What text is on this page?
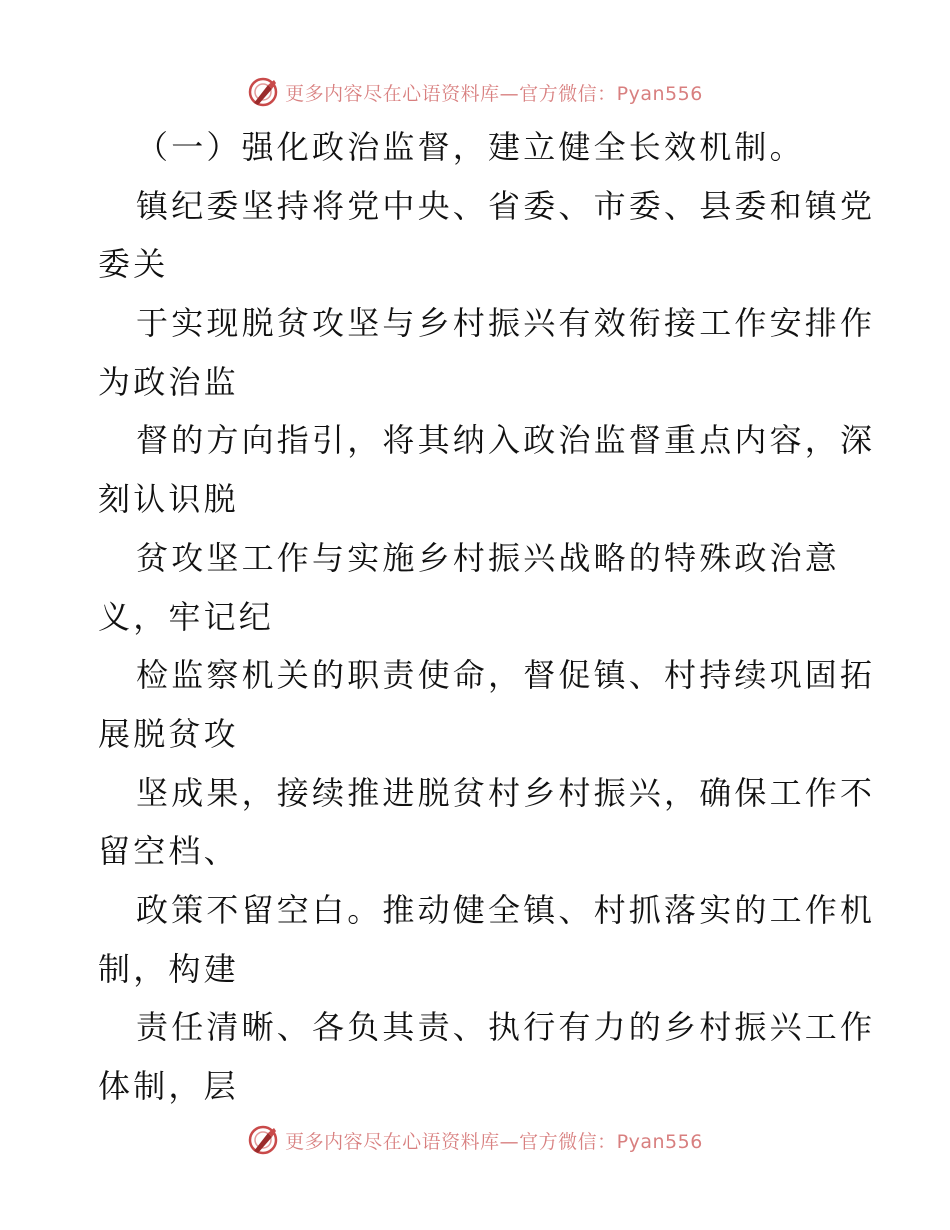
更多内容尽在心语资料库—官方微信：Pyan556
（一）强化政治监督，建立健全长效机制。
镇纪委坚持将党中央、省委、市委、县委和镇党
委关
于实现脱贫攻坚与乡村振兴有效衔接工作安排作
为政治监
督的方向指引，将其纳入政治监督重点内容，深
刻认识脱
贫攻坚工作与实施乡村振兴战略的特殊政治意
义，牢记纪
检监察机关的职责使命，督促镇、村持续巩固拓
展脱贫攻
坚成果，接续推进脱贫村乡村振兴，确保工作不
留空档、
政策不留空白。推动健全镇、村抓落实的工作机
制，构建
责任清晰、各负其责、执行有力的乡村振兴工作
体制，层
更多内容尽在心语资料库—官方微信：Pyan556
